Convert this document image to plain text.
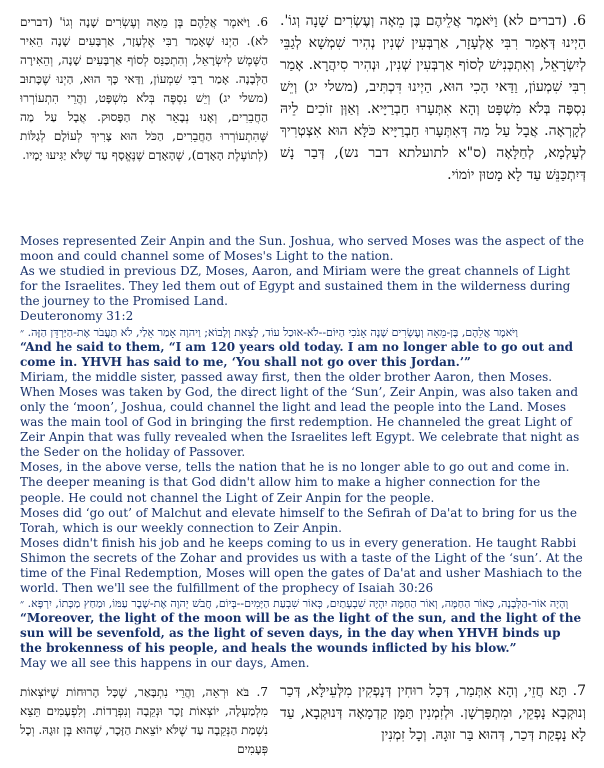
6. וַיֹּאמֶר אֲלֵהֶם בֶּן מֵאָה וְעֶשְׂרִים שָׁנָה וְגוֹ' (דברים לא). הַיְנוּ שֶׁאָמַר רַבִּי אֶלְעָזָר, אַרְבָּעִים שָׁנָה הֵאִיר הַשֶּׁמֶשׁ לְיִשְׂרָאֵל, וְהִתְכַּנֵּס לְסוֹף אַרְבָּעִים שָׁנָה, וְהֵאִירָה הַלְּבָנָה. אָמַר רַבִּי שִׁמְעוֹן, וַדַּאי כָּךְ הוּא, הַיְנוּ שֶׁכָּתוּב (משלי יג) וְיֵשׁ נִסְפֶּה בְּלֹא מִשְׁפָּט, וַהֲרֵי הִתְעוֹרְרוּ הַחֲבֵרִים, וְאָנוּ נְבָאֵר אֶת הַפָּסוּק. אֲבָל עַל מַה שֶּׁהִתְעוֹרְרוּ הַחֲבֵרִים, הַכֹּל הוּא צָרִיךְ לְעוֹלָם לְגַלּוֹת (לְתוֹעֶלֶת הָאָדָם), שֶׁהָאָדָם שֶׁנֶּאֱסָף עַד שֶׁלֹּא יַגִּיעוּ יָמָיו.
6. (דברים לא) וַיֹּאמֶר אֲלֵיהֶם בֶּן מֵאָה וְעֶשְׂרִים שָׁנָה וְגוֹ'. הַיְינוּ דְּאָמַר רִבִּי אֶלְעָזָר, אַרְבְּעִין שְׁנִין נְהִיר שִׁמְשָׁא לְגַבֵּי לְיִשְׂרָאֵל, וְאִתְכְּנִישׁ לְסוֹף אַרְבְּעִין שְׁנִין, וּנְהִיר סִיהֲרָא. אָמַר רִבִּי שִׁמְעוֹן, וַדַּאי הָכִי הוּא, הַיְינוּ דִּכְתִּיב, (משלי יג) וְיֵשׁ נִסְפֶּה בְּלֹא מִשְׁפָּט וְהָא אִתְּעָרוּ חַבְרַיָּיא. וְאַוְּן זוֹכִים לֵיהּ לְקָרְאָה. אֲבָל עַל מַה דְּאִתְּעָרוּ חַבְרַיָּיא כֹּלָּא הוּא אִצְטְרִיךְ לְעָלְמָא, לְחַלָּאָה (ס"א לתועלתא דבר נש), דְּבַר נָשׁ דְּיִתְכַּנֵּשׁ עַד לָא מָטוּן יוֹמוֹי.

Moses represented Zeir Anpin and the Sun. Joshua, who served Moses was the aspect of the moon and could channel some of Moses's Light to the nation.

As we studied in previous DZ, Moses, Aaron, and Miriam were the great channels of Light for the Israelites. They led them out of Egypt and sustained them in the wilderness during the journey to the Promised Land.

Deuteronomy 31:2

וַיֹּאמֶר אֲלֵהֶם, בֶּן-מֵאָה וְעֶשְׂרִים שָׁנָה אָנֹכִי הַיּוֹם--לֹא-אוּכַל עוֹד, לָצֵאת וְלָבוֹא; וַיהוָה אָמַר אֵלַי, לֹא תַעֲבֹר אֶת-הַיַּרְדֵּן הַזֶּה. ״

“And he said to them, “I am 120 years old today. I am no longer able to go out and come in. YHVH has said to me, ‘You shall not go over this Jordan.’”

Miriam, the middle sister, passed away first, then the older brother Aaron, then Moses. When Moses was taken by God, the direct light of the ‘Sun’, Zeir Anpin, was also taken and only the ‘moon’, Joshua, could channel the light and lead the people into the Land. Moses was the main tool of God in bringing the first redemption. He channeled the great Light of Zeir Anpin that was fully revealed when the Israelites left Egypt. We celebrate that night as the Seder on the holiday of Passover.

Moses, in the above verse, tells the nation that he is no longer able to go out and come in. The deeper meaning is that God didn't allow him to make a higher connection for the people. He could not channel the Light of Zeir Anpin for the people.

Moses did ‘go out’ of Malchut and elevate himself to the Sefirah of Da'at to bring for us the Torah, which is our weekly connection to Zeir Anpin.

Moses didn't finish his job and he keeps coming to us in every generation. He taught Rabbi Shimon the secrets of the Zohar and provides us with a taste of the Light of the ‘sun’. At the time of the Final Redemption, Moses will open the gates of Da'at and usher Mashiach to the world. Then we'll see the fulfillment of the prophecy of Isaiah 30:26

וְהָיָה אוֹר-הַלְּבָנָה, כְּאוֹר הַחַמָּה, וְאוֹר הַחַמָּה יִהְיֶה שִׁבְעָתַיִם, כְּאוֹר שִׁבְעַת הַיָּמִים--בְּיוֹם, חֲבֹשׁ יְהוָה אֶת-שֶׁבֶר עַמּוֹ, וּמַחַץ מַכָּתוֹ, יִרְפָּא. ״

“Moreover, the light of the moon will be as the light of the sun, and the light of the sun will be sevenfold, as the light of seven days, in the day when YHVH binds up the brokenness of his people, and heals the wounds inflicted by his blow.”

May we all see this happens in our days, Amen.

7. בֹּא וּרְאֵה, וַהֲרֵי נִתְבָּאַר, שֶׁכָּל הָרוּחוֹת שֶׁיּוֹצְאוֹת מִלְמַעְלָה, יוֹצְאוֹת זָכָר וּנְקֵבָה וְנִפְרָדוֹת. וְלִפְעָמִים תֵּצֵא נִשְׁמַת הַנְּקֵבָה עַד שֶׁלֹּא יוֹצֵאת הַזָּכָר, שֶׁהוּא בֶּן זוּגָהּ. וְכָל פְּעָמִים
7. תָּא חֲזֵי, וְהָא אִתְּמַר, דְּכָל רוּחִין דְּנָפְקִין מִלְּעֵילָּא, דְּכַר וְנוּקְבָא נָפְקֵי, וּמִתְפָּרְשָׁן. וּלְזִמְנִין תַּמָּן קַדְמָאָה דְּנוּקְבָא, עַד לָא נָפְקַת דְּכַר, דְּהוּא בַּר זוּגָהּ. וְכָל זִמְנִין
